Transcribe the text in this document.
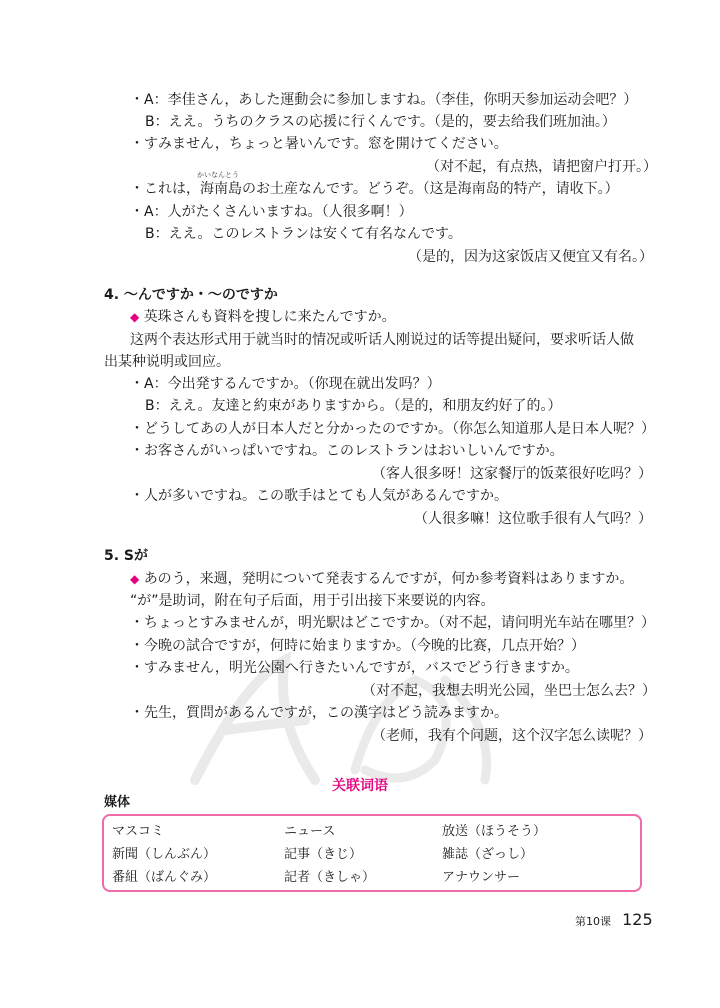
・A：李佳さん，あした運動会に参加しますね。（李佳，你明天参加运动会吧？）
B：ええ。うちのクラスの応援に行くんです。（是的，要去给我们班加油。）
・すみません，ちょっと暑いんです。窓を開けてください。
（对不起，有点热，请把窗户打开。）
かいなんとう
・これは，海南島のお土産なんです。どうぞ。（这是海南岛的特产，请收下。）
・A：人がたくさんいますね。（人很多啊！）
B：ええ。このレストランは安くて有名なんです。
（是的，因为这家饭店又便宜又有名。）
4. ～んですか・～のですか
◆ 英珠さんも資料を捜しに来たんですか。
这两个表达形式用于就当时的情况或听话人刚说过的话等提出疑问，要求听话人做
出某种说明或回应。
・A：今出発するんですか。（你现在就出发吗？）
B：ええ。友達と約束がありますから。（是的，和朋友约好了的。）
・どうしてあの人が日本人だと分かったのですか。（你怎么知道那人是日本人呢？）
・お客さんがいっぱいですね。このレストランはおいしいんですか。
（客人很多呀！这家餐厅的饭菜很好吃吗？）
・人が多いですね。この歌手はとても人気があるんですか。
（人很多嘛！这位歌手很有人气吗？）
5. Sが
◆ あのう，来週，発明について発表するんですが，何か参考資料はありますか。
“が”是助词，附在句子后面，用于引出接下来要说的内容。
・ちょっとすみませんが，明光駅はどこですか。（对不起，请问明光车站在哪里？）
・今晩の試合ですが，何時に始まりますか。（今晚的比赛，几点开始？）
・すみません，明光公園へ行きたいんですが，バスでどう行きますか。
（对不起，我想去明光公园，坐巴士怎么去？）
・先生，質問があるんですが，この漢字はどう読みますか。
（老师，我有个问题，这个汉字怎么读呢？）
关联词语
媒体
マスコミ	ニュース	放送（ほうそう）
新聞（しんぶん）	記事（きじ）	雑誌（ざっし）
番組（ばんぐみ）	記者（きしゃ）	アナウンサー
第10课 125
